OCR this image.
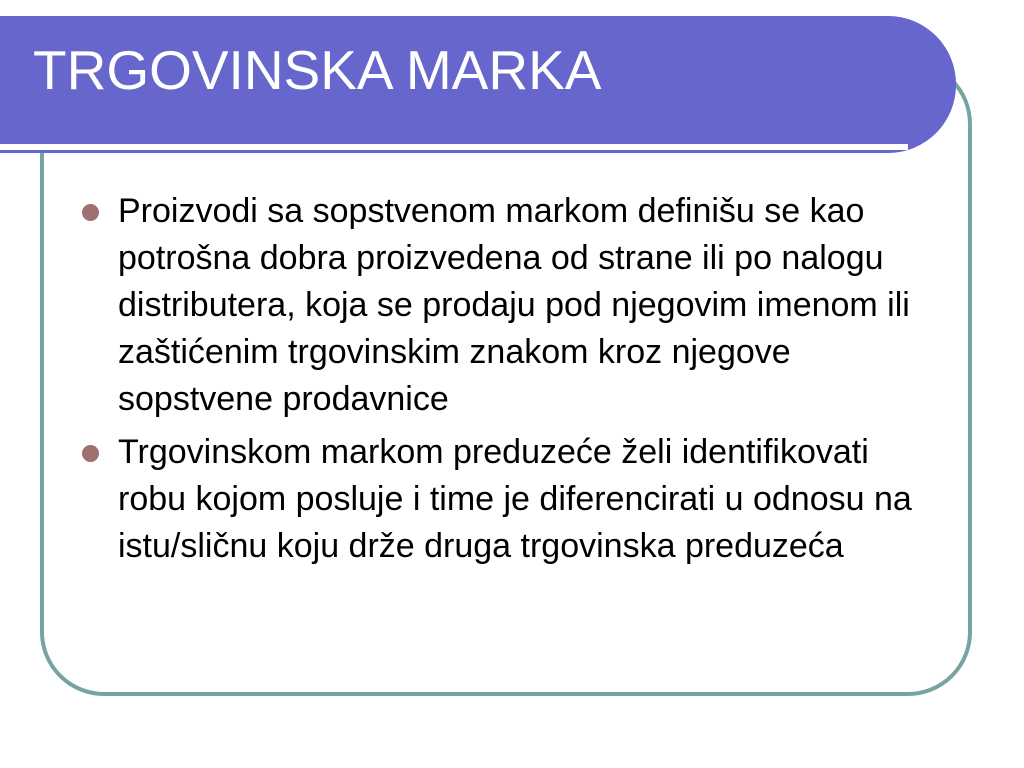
TRGOVINSKA MARKA
Proizvodi sa sopstvenom markom definišu se kao potrošna dobra proizvedena od strane ili po nalogu distributera, koja se prodaju pod njegovim imenom ili zaštićenim trgovinskim znakom kroz njegove sopstvene prodavnice
Trgovinskom markom preduzeće želi identifikovati robu kojom posluje i time je diferencirati u odnosu na istu/sličnu koju drže druga trgovinska preduzeća
